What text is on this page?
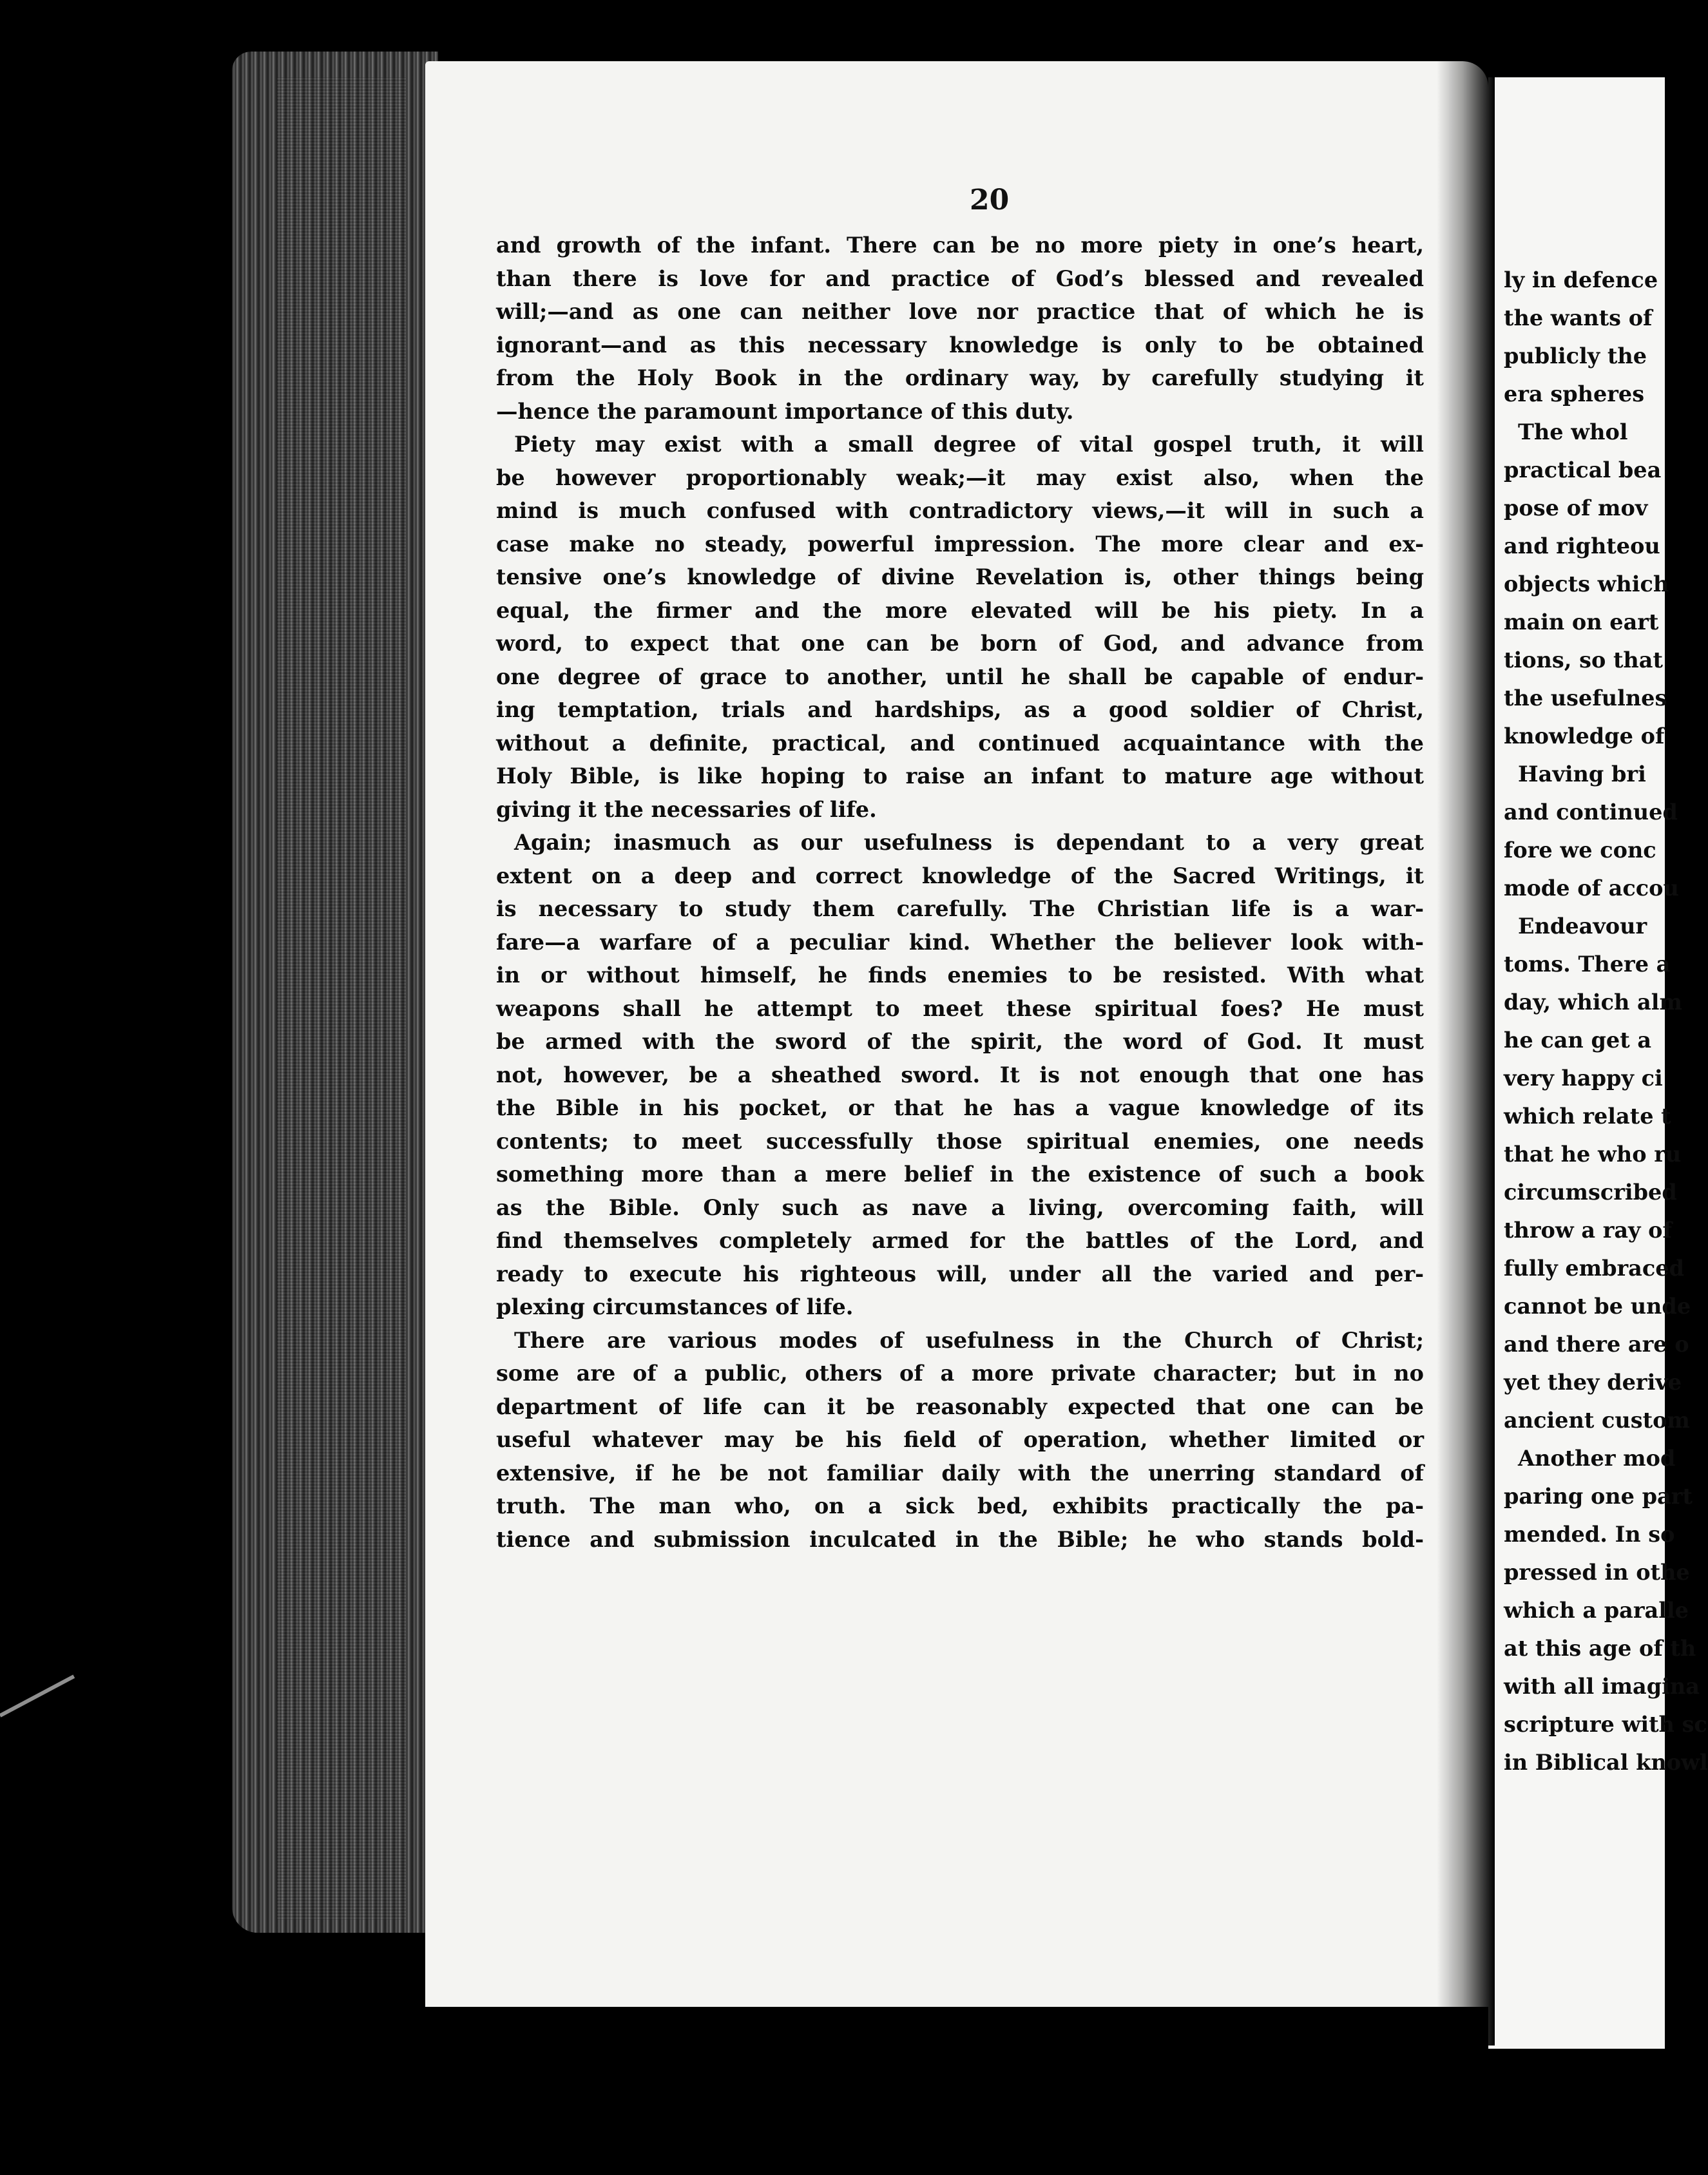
20
and growth of the infant. There can be no more piety in one’s heart,
than there is love for and practice of God’s blessed and revealed
will;—and as one can neither love nor practice that of which he is
ignorant—and as this necessary knowledge is only to be obtained
from the Holy Book in the ordinary way, by carefully studying it
—hence the paramount importance of this duty.
Piety may exist with a small degree of vital gospel truth, it will
be however proportionably weak;—it may exist also, when the
mind is much confused with contradictory views,—it will in such a
case make no steady, powerful impression. The more clear and ex-
tensive one’s knowledge of divine Revelation is, other things being
equal, the firmer and the more elevated will be his piety. In a
word, to expect that one can be born of God, and advance from
one degree of grace to another, until he shall be capable of endur-
ing temptation, trials and hardships, as a good soldier of Christ,
without a definite, practical, and continued acquaintance with the
Holy Bible, is like hoping to raise an infant to mature age without
giving it the necessaries of life.
Again; inasmuch as our usefulness is dependant to a very great
extent on a deep and correct knowledge of the Sacred Writings, it
is necessary to study them carefully. The Christian life is a war-
fare—a warfare of a peculiar kind. Whether the believer look with-
in or without himself, he finds enemies to be resisted. With what
weapons shall he attempt to meet these spiritual foes? He must
be armed with the sword of the spirit, the word of God. It must
not, however, be a sheathed sword. It is not enough that one has
the Bible in his pocket, or that he has a vague knowledge of its
contents; to meet successfully those spiritual enemies, one needs
something more than a mere belief in the existence of such a book
as the Bible. Only such as nave a living, overcoming faith, will
find themselves completely armed for the battles of the Lord, and
ready to execute his righteous will, under all the varied and per-
plexing circumstances of life.
There are various modes of usefulness in the Church of Christ;
some are of a public, others of a more private character; but in no
department of life can it be reasonably expected that one can be
useful whatever may be his field of operation, whether limited or
extensive, if he be not familiar daily with the unerring standard of
truth. The man who, on a sick bed, exhibits practically the pa-
tience and submission inculcated in the Bible; he who stands bold-
ly in defence
the wants of
publicly the
era spheres
The whol
practical bea
pose of mov
and righteou
objects which
main on eart
tions, so that
the usefulnes
knowledge of
Having bri
and continued
fore we conc
mode of accou
Endeavour
toms. There a
day, which alm
he can get a
very happy ci
which relate t
that he who ru
circumscribed
throw a ray of
fully embraced
cannot be unde
and there are o
yet they derive
ancient custom
Another mod
paring one part
mended. In so
pressed in othe
which a paralle
at this age of th
with all imagina
scripture with sc
in Biblical knowl
